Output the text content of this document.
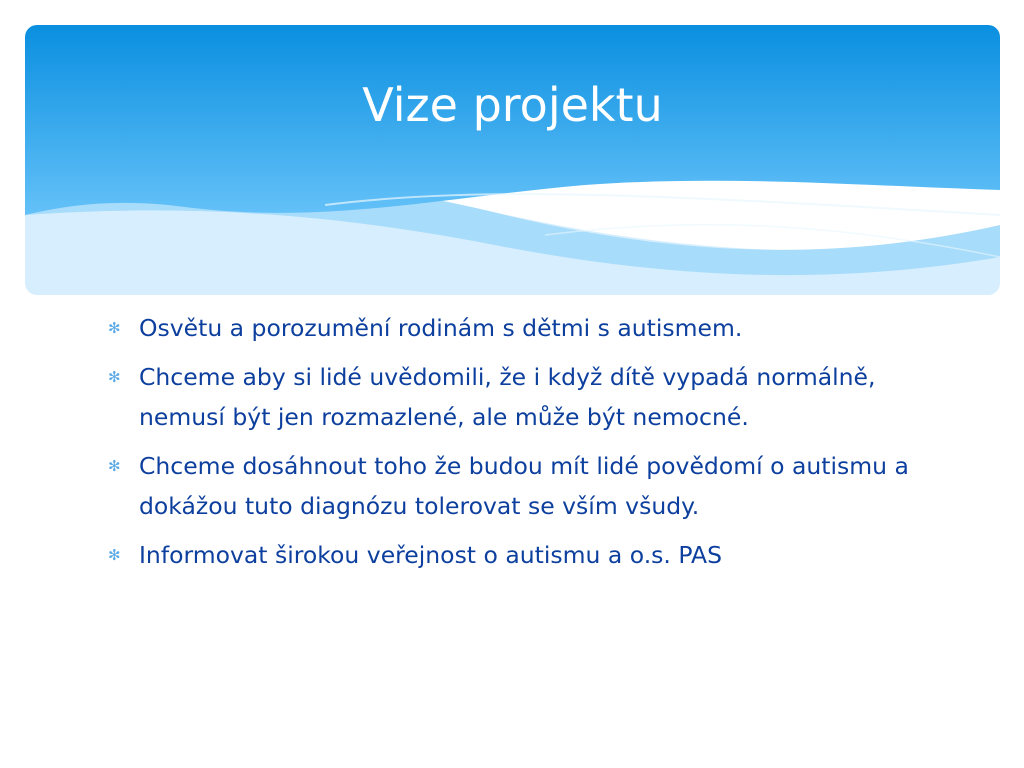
Vize projektu
✻ Osvětu a porozumění rodinám s dětmi s autismem.
✻ Chceme aby si lidé uvědomili, že i když dítě vypadá normálně, nemusí být jen rozmazlené, ale může být nemocné.
✻ Chceme dosáhnout toho že budou mít lidé povědomí o autismu a dokážou tuto diagnózu tolerovat se vším všudy.
✻ Informovat širokou veřejnost o autismu a o.s. PAS
